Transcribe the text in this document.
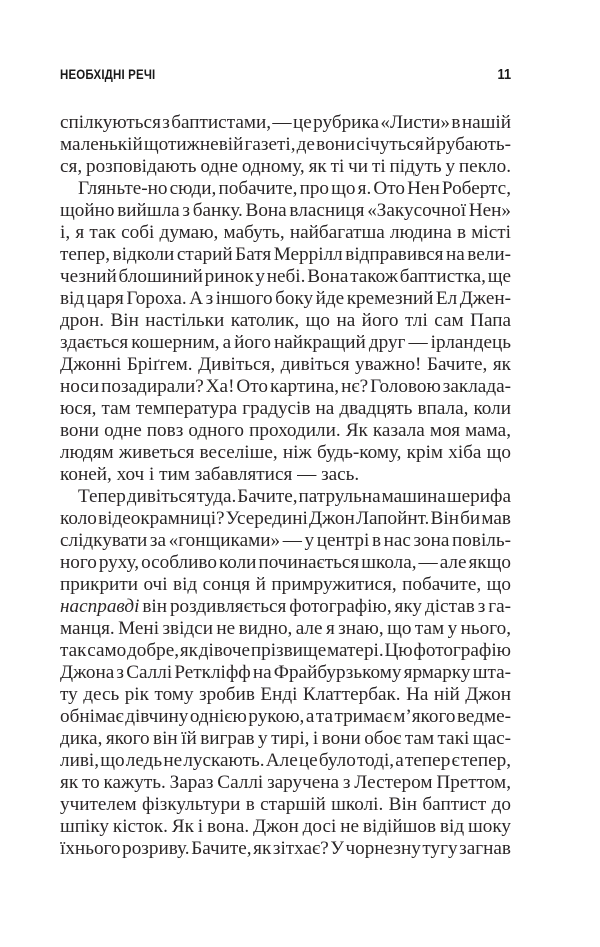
НЕОБХІДНІ РЕЧІ	11
спілкуються з баптистами, — це рубрика «Листи» в нашій
маленькій щотижневій газеті, де вони січуться й рубають-
ся, розповідають одне одному, як ті чи ті підуть у пекло.
Гляньте-но сюди, побачите, про що я. Ото Нен Робертс,
щойно вийшла з банку. Вона власниця «Закусочної Нен»
і, я так собі думаю, мабуть, найбагатша людина в місті
тепер, відколи старий Батя Меррілл відправився на вели-
чезний блошиний ринок у небі. Вона також баптистка, ще
від царя Гороха. А з іншого боку йде кремезний Ел Джен-
дрон. Він настільки католик, що на його тлі сам Папа
здається кошерним, а його найкращий друг — ірландець
Джонні Бріґгем. Дивіться, дивіться уважно! Бачите, як
носи позадирали? Ха! Ото картина, нє? Головою заклада-
юся, там температура градусів на двадцять впала, коли
вони одне повз одного проходили. Як казала моя мама,
людям живеться веселіше, ніж будь-кому, крім хіба що
коней, хоч і тим забавлятися — зась.
Тепер дивіться туда. Бачите, патрульна машина шерифа
коло відеокрамниці? Усередині Джон Лапойнт. Він би мав
слідкувати за «гонщиками» — у центрі в нас зона повіль-
ного руху, особливо коли починається школа, — але якщо
прикрити очі від сонця й примружитися, побачите, що
насправді він роздивляється фотографію, яку дістав з га-
манця. Мені звідси не видно, але я знаю, що там у нього,
так само добре, як дівоче прізвище матері. Цю фотографію
Джона з Саллі Реткліфф на Фрайбурзькому ярмарку шта-
ту десь рік тому зробив Енді Клаттербак. На ній Джон
обнімає дівчину однією рукою, а та тримає м’якого ведме-
дика, якого він їй виграв у тирі, і вони обоє там такі щас-
ливі, що ледь не лускають. Але це було тоді, а тепер є тепер,
як то кажуть. Зараз Саллі заручена з Лестером Преттом,
учителем фізкультури в старшій школі. Він баптист до
шпіку кісток. Як і вона. Джон досі не відійшов від шоку
їхнього розриву. Бачите, як зітхає? У чорнезну тугу загнав
